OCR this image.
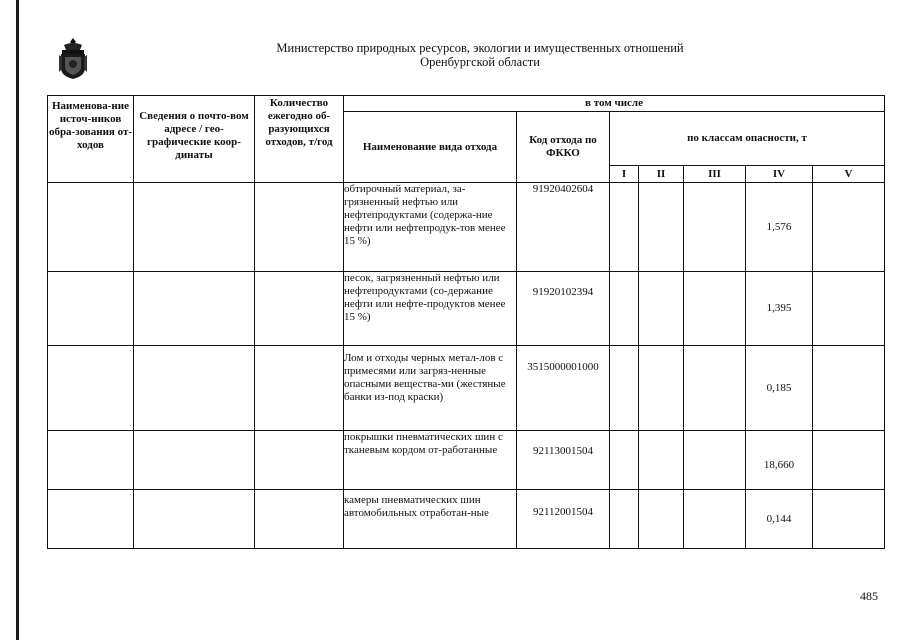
Министерство природных ресурсов, экологии и имущественных отношений
Оренбургской области
Наименова-ние источ-ников обра-зования от-ходов	Сведения о почто-вом адресе / гео-графические коор-динаты	Количество ежегодно об-разующихся отходов, т/год	в том числе						
			Наименование вида отхода	Код отхода по ФККО	по классам опасности, т				
					I	II	III	IV	V
			обтирочный материал, за-грязненный нефтью или нефтепродуктами (содержа-ние нефти или нефтепродук-тов менее 15 %)	91920402604				1,576	
			песок, загрязненный нефтью или нефтепродуктами (со-держание нефти или нефте-продуктов менее 15 %)	91920102394				1,395	
			Лом и отходы черных метал-лов с примесями или загряз-ненные опасными вещества-ми (жестяные банки из-под краски)	3515000001000				0,185	
			покрышки пневматических шин с тканевым кордом от-работанные	92113001504				18,660	
			камеры пневматических шин автомобильных отработан-ные	92112001504				0,144	
485
